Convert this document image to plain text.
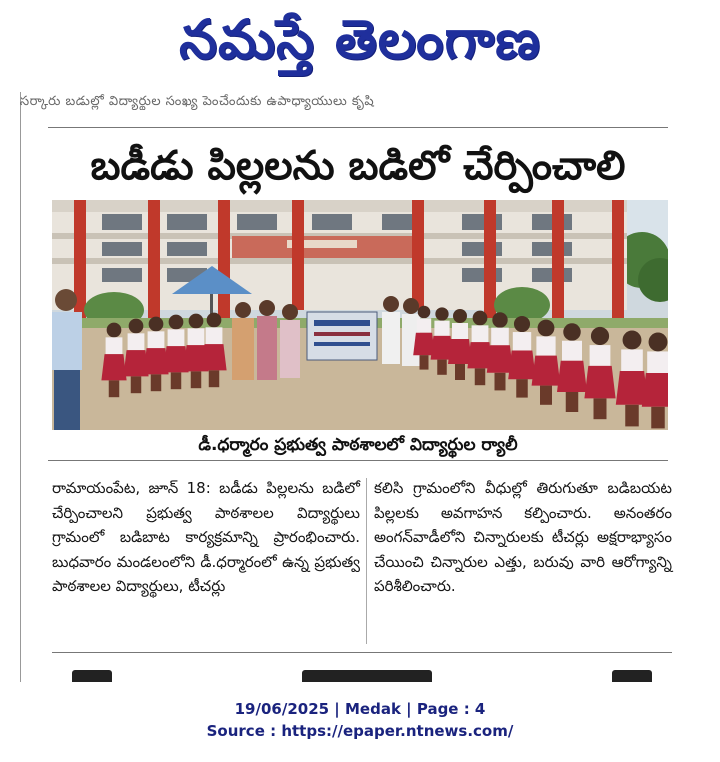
నమస్తే తెలంగాణ
సర్కారు బడుల్లో విద్యార్థుల సంఖ్య పెంచేందుకు ఉపాధ్యాయులు కృషి
బడీడు పిల్లలను బడిలో చేర్పించాలి
డీ.ధర్మారం ప్రభుత్వ పాఠశాలలో విద్యార్థుల ర్యాలీ
రామాయంపేట, జూన్ 18: బడీడు పిల్లలను బడిలో చేర్పించాలని ప్రభుత్వ పాఠశాలల విద్యార్థులు గ్రామంలో బడిబాట కార్యక్రమాన్ని ప్రారంభించారు. బుధవారం మండలంలోని డీ.ధర్మారంలో ఉన్న ప్రభుత్వ పాఠశాలల విద్యార్థులు, టీచర్లు
కలిసి గ్రామంలోని వీధుల్లో తిరుగుతూ బడిబయట పిల్లలకు అవగాహన కల్పించారు. అనంతరం అంగన్‌వాడీలోని చిన్నారులకు టీచర్లు అక్షరాభ్యాసం చేయించి చిన్నారుల ఎత్తు, బరువు వారి ఆరోగ్యాన్ని పరిశీలించారు.
19/06/2025 | Medak | Page : 4
Source : https://epaper.ntnews.com/
